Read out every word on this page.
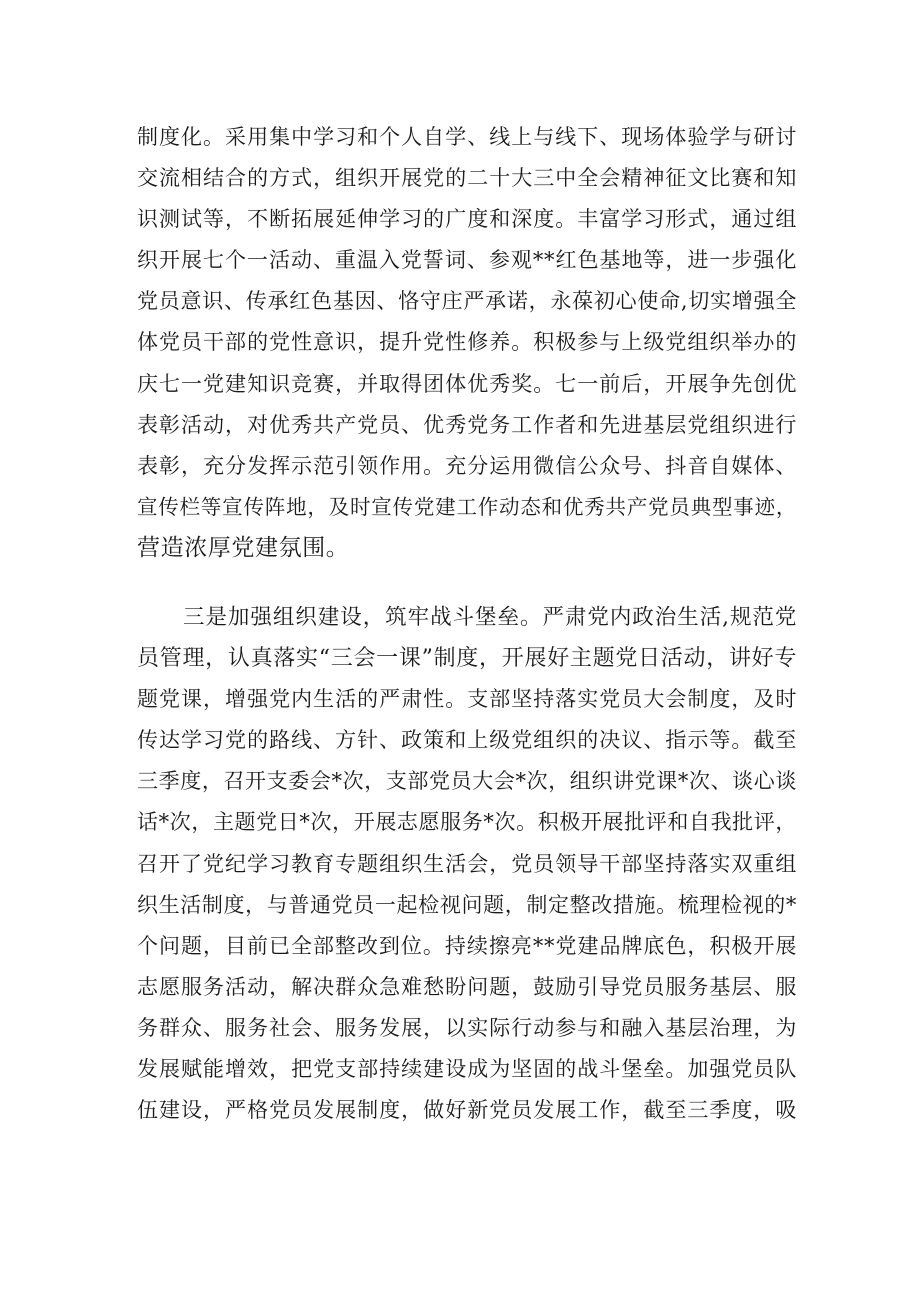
制度化。采用集中学习和个人自学、线上与线下、现场体验学与研讨
交流相结合的方式，组织开展党的二十大三中全会精神征文比赛和知
识测试等，不断拓展延伸学习的广度和深度。丰富学习形式，通过组
织开展七个一活动、重温入党誓词、参观**红色基地等，进一步强化
党员意识、传承红色基因、恪守庄严承诺，永葆初心使命,切实增强全
体党员干部的党性意识，提升党性修养。积极参与上级党组织举办的
庆七一党建知识竞赛，并取得团体优秀奖。七一前后，开展争先创优
表彰活动，对优秀共产党员、优秀党务工作者和先进基层党组织进行
表彰，充分发挥示范引领作用。充分运用微信公众号、抖音自媒体、
宣传栏等宣传阵地，及时宣传党建工作动态和优秀共产党员典型事迹，
营造浓厚党建氛围。
三是加强组织建设，筑牢战斗堡垒。严肃党内政治生活,规范党
员管理，认真落实“三会一课”制度，开展好主题党日活动，讲好专
题党课，增强党内生活的严肃性。支部坚持落实党员大会制度，及时
传达学习党的路线、方针、政策和上级党组织的决议、指示等。截至
三季度，召开支委会*次，支部党员大会*次，组织讲党课*次、谈心谈
话*次，主题党日*次，开展志愿服务*次。积极开展批评和自我批评，
召开了党纪学习教育专题组织生活会，党员领导干部坚持落实双重组
织生活制度，与普通党员一起检视问题，制定整改措施。梳理检视的*
个问题，目前已全部整改到位。持续擦亮**党建品牌底色，积极开展
志愿服务活动，解决群众急难愁盼问题，鼓励引导党员服务基层、服
务群众、服务社会、服务发展，以实际行动参与和融入基层治理，为
发展赋能增效，把党支部持续建设成为坚固的战斗堡垒。加强党员队
伍建设，严格党员发展制度，做好新党员发展工作，截至三季度，吸
